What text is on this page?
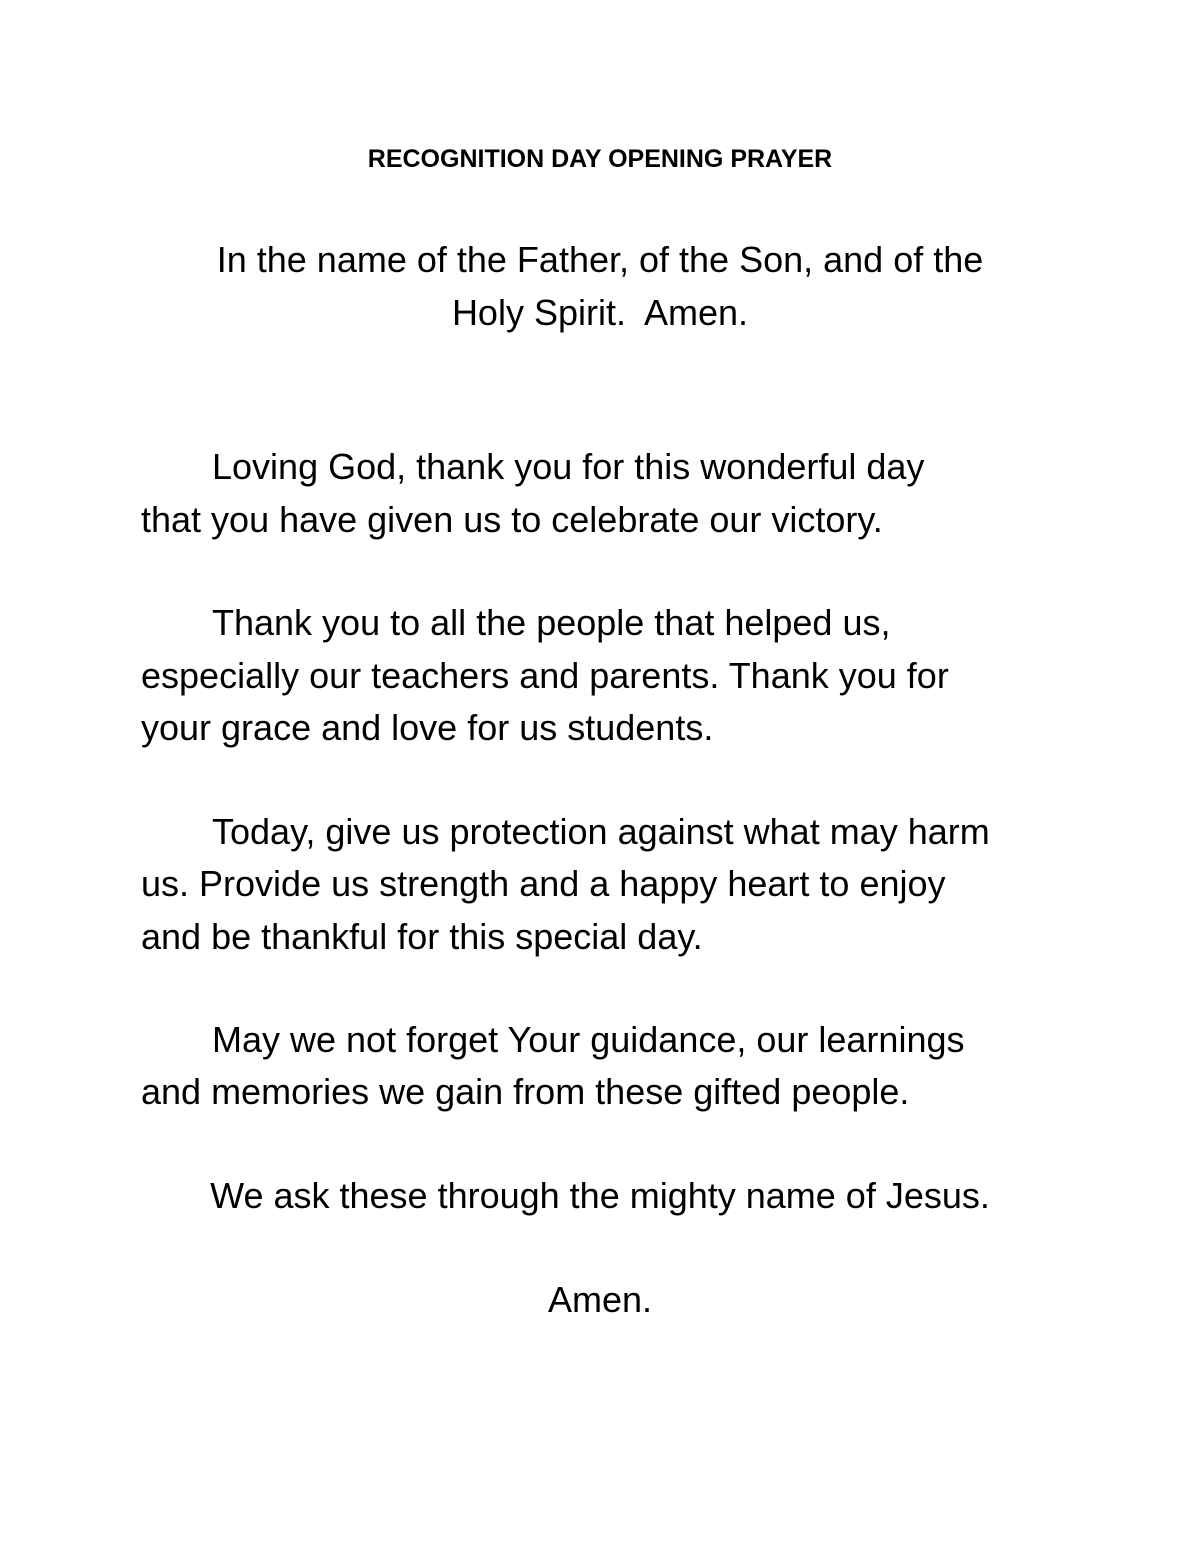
RECOGNITION DAY OPENING PRAYER

In the name of the Father, of the Son, and of the

Holy Spirit.  Amen.

Loving God, thank you for this wonderful day

that you have given us to celebrate our victory.

Thank you to all the people that helped us,

especially our teachers and parents. Thank you for

your grace and love for us students.

Today, give us protection against what may harm

us. Provide us strength and a happy heart to enjoy

and be thankful for this special day.

May we not forget Your guidance, our learnings

and memories we gain from these gifted people.

We ask these through the mighty name of Jesus.

Amen.
